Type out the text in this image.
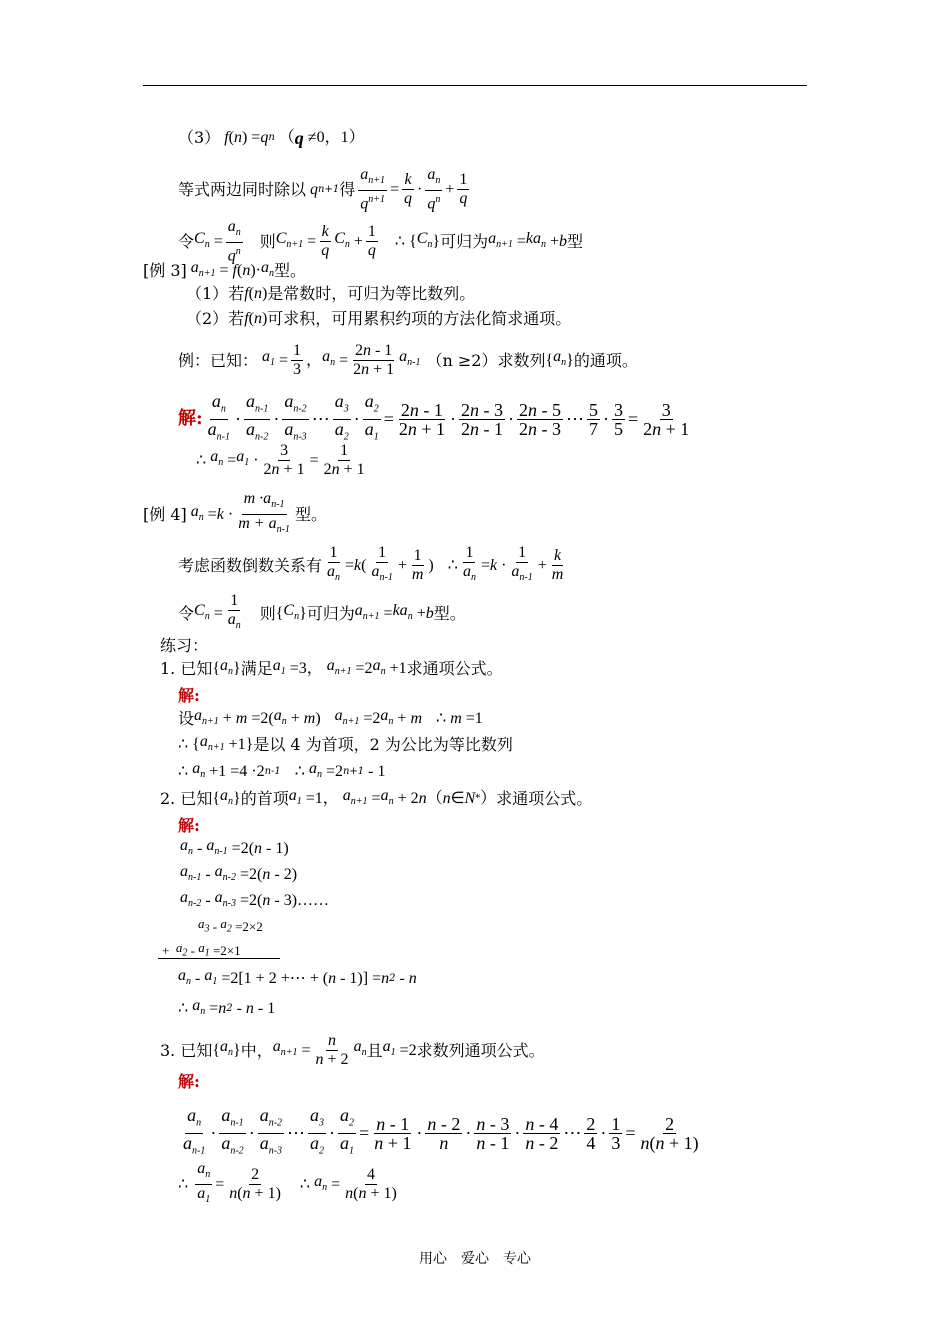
（3） f ( n ) = q n （ q ≠0，1）
等式两边同时除以 q n+1 得 $\frac{a_{n+1}}{q^{n+1}} = \frac{k}{q}$ ·
$a_n$
$q^n$
+ $\frac{1}{q}$
令 $C_n = \frac{a_n}{q^n}$ 则 $C_{n+1} = \frac{k}{q} C_n + \frac{1}{q}$ ∴ { $C_n$ } 可归为 $a_{n+1} = ka_n + b$ 型
[例 3] $a_{n+1} = f$ ( n )· $a_n$ 型。
（1）若 f ( n ) 是常数时，可归为等比数列。
（2）若 f ( n ) 可求积，可用累积约项的方法化简求通项。
例：已知： $a_1 = \frac{1}{3}$ ， $a_n = \frac{2n - 1}{2n + 1} a_{n-1}$ （n ≥2）求数列 { $a_n$ } 的通项。
解:
$a_n$
$a_{n-1}$
·
$a_{n-1}$
$a_{n-2}$
·
$a_{n-2}$
$a_{n-3}$
⋯
$a_3$
$a_2$
· $\frac{a_2}{a_1} = \frac{2n - 1}{2n + 1} \cdot 2n - 3$
2n - 1 · 2n - 5
2n - 3 ⋯ 5
$7 \cdot \frac{3}{5} = \frac{3}{2n + 1}$
∴ $a_n = a_1 \cdot \frac{3}{2n + 1} = \frac{1}{2n + 1}$
[例 4] $a_n = k$ ·
$m \cdot a_{n-1}$
$m + a_{n-1}$
型。
考虑函数倒数关系有 $\frac{1}{a_n} = k$ (
1
$a_{n-1}$
+ $\frac{1}{m}$ ) ∴ $\frac{1}{a_n} = k$ ·
1
$a_{n-1}$
+ $\frac{k}{m}$
令 $C_n = \frac{1}{a_n}$ 则 { $C_n$ } 可归为 $a_{n+1} = ka_n + b$ 型。
练习：
1. 已知 { $a_n$ } 满足 $a_1 =3$， $a_{n+1} =2$ $a_n +1$ 求通项公式。
解:
设 $a_{n+1} + m =2$( $a_n + m$ ) $a_{n+1} =2$ $a_n + m$ ∴ m =1
∴ { $a_{n+1} +1$} 是以 4 为首项，2 为公比为等比数列
∴ $a_n +1 =4 \cdot 2$ n-1 ∴ $a_n =2$ n+1 - 1
2. 已知 { $a_n$ } 的首项 $a_1 =1$， $a_{n+1} = a_n + 2$ n （ n ∈ N * ） 求通项公式。
解:
$a_n - a_{n-1} =2$( n - 1)
$a_{n-1} - a_{n-2} =2$( n - 2)
$a_{n-2} - a_{n-3} =2$( n - 3)……
$a_3 - a_2 =2\times 2$
+ $a_2 - a_1 =2\times 1$
$a_n - a_1 =2[1 + 2$ +⋯ + ( n - 1)] = n 2 - n
∴ $a_n = n$ 2 - n - 1
3. 已知 { $a_n$ } 中， $a_{n+1} = \frac{n}{n + 2} a_n$ 且 $a_1 =2$ 求数列通项公式。
解:
$a_n$
$a_{n-1}$
·
$a_{n-1}$
$a_{n-2}$
·
$a_{n-2}$
$a_{n-3}$
⋯
$a_3$
$a_2$
· $\frac{a_2}{a_1} = \frac{n - 1}{n + 1} \cdot n - 2$
n · n - 3
n - 1 · n - 4
n - 2 ⋯ 2
$4 \cdot \frac{1}{3} = \frac{2}{n(n + 1)}$
∴ $\frac{a_n}{a_1} = \frac{2}{n(n + 1)}$ ∴ $a_n = \frac{4}{n(n + 1)}$
用心　爱心　专心
